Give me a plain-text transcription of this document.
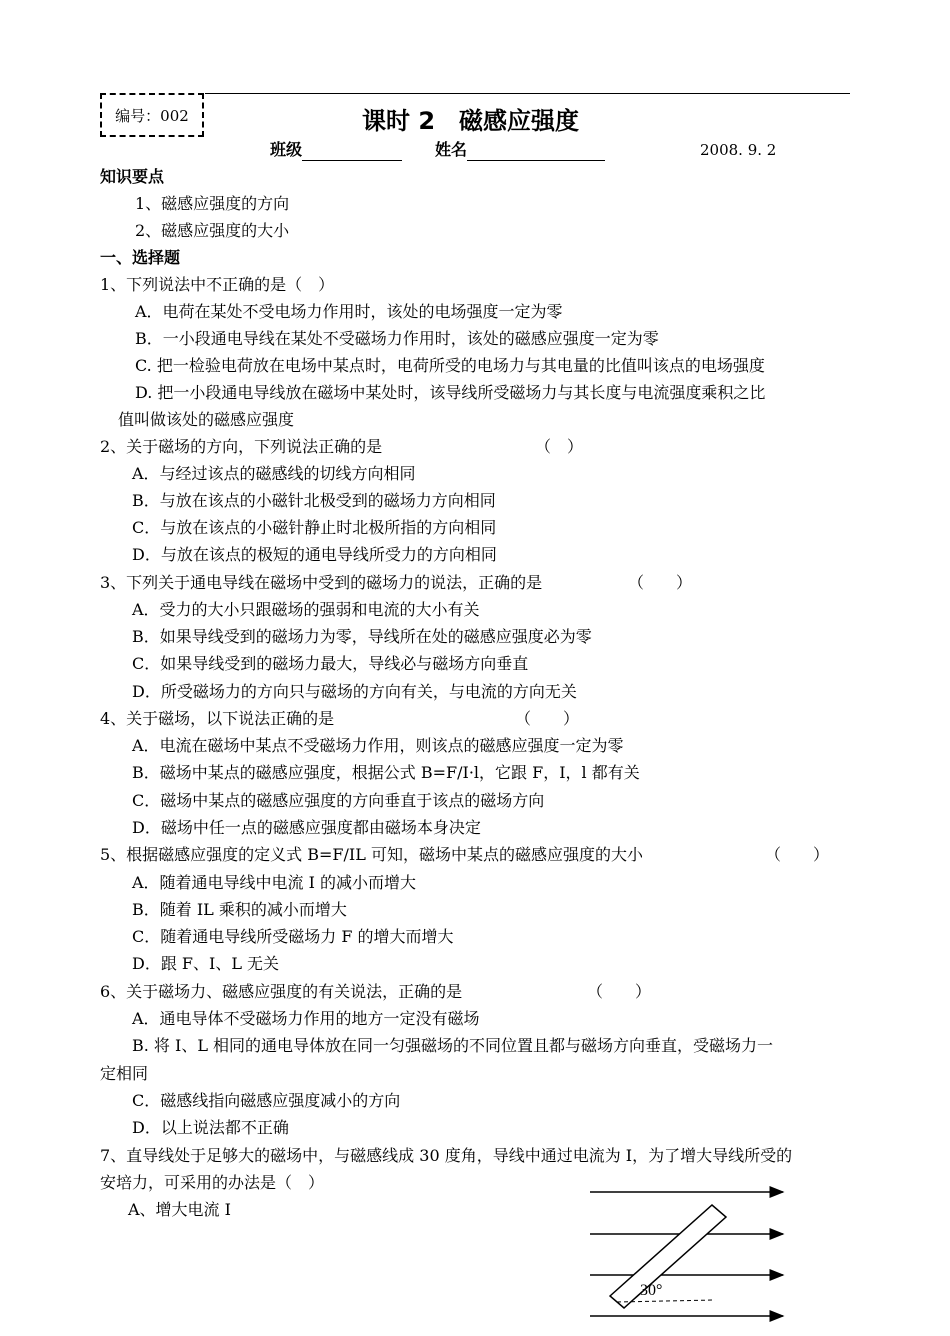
编号：002	课时 2　磁感应强度
班级	姓名	2008. 9. 2
知识要点
1、磁感应强度的方向
2、磁感应强度的大小
一、选择题
1、下列说法中不正确的是（　）
A．电荷在某处不受电场力作用时，该处的电场强度一定为零
B．一小段通电导线在某处不受磁场力作用时，该处的磁感应强度一定为零
C. 把一检验电荷放在电场中某点时，电荷所受的电场力与其电量的比值叫该点的电场强度
D. 把一小段通电导线放在磁场中某处时，该导线所受磁场力与其长度与电流强度乘积之比
值叫做该处的磁感应强度
2、关于磁场的方向，下列说法正确的是	（　）
A．与经过该点的磁感线的切线方向相同
B．与放在该点的小磁针北极受到的磁场力方向相同
C．与放在该点的小磁针静止时北极所指的方向相同
D．与放在该点的极短的通电导线所受力的方向相同
3、下列关于通电导线在磁场中受到的磁场力的说法，正确的是	（　　）
A．受力的大小只跟磁场的强弱和电流的大小有关
B．如果导线受到的磁场力为零，导线所在处的磁感应强度必为零
C．如果导线受到的磁场力最大，导线必与磁场方向垂直
D．所受磁场力的方向只与磁场的方向有关，与电流的方向无关
4、关于磁场，以下说法正确的是	（　　）
A．电流在磁场中某点不受磁场力作用，则该点的磁感应强度一定为零
B．磁场中某点的磁感应强度，根据公式 B=F/I·l，它跟 F，I，l 都有关
C．磁场中某点的磁感应强度的方向垂直于该点的磁场方向
D．磁场中任一点的磁感应强度都由磁场本身决定
5、根据磁感应强度的定义式 B=F/IL 可知，磁场中某点的磁感应强度的大小	（　　）
A．随着通电导线中电流 I 的减小而增大
B．随着 IL 乘积的减小而增大
C．随着通电导线所受磁场力 F 的增大而增大
D．跟 F、I、L 无关
6、关于磁场力、磁感应强度的有关说法，正确的是	（　　）
A．通电导体不受磁场力作用的地方一定没有磁场
B. 将 I、L 相同的通电导体放在同一匀强磁场的不同位置且都与磁场方向垂直，受磁场力一
定相同
C．磁感线指向磁感应强度减小的方向
D．以上说法都不正确
7、直导线处于足够大的磁场中，与磁感线成 30 度角，导线中通过电流为 I，为了增大导线所受的
安培力，可采用的办法是（　）
A、增大电流 I
30°
